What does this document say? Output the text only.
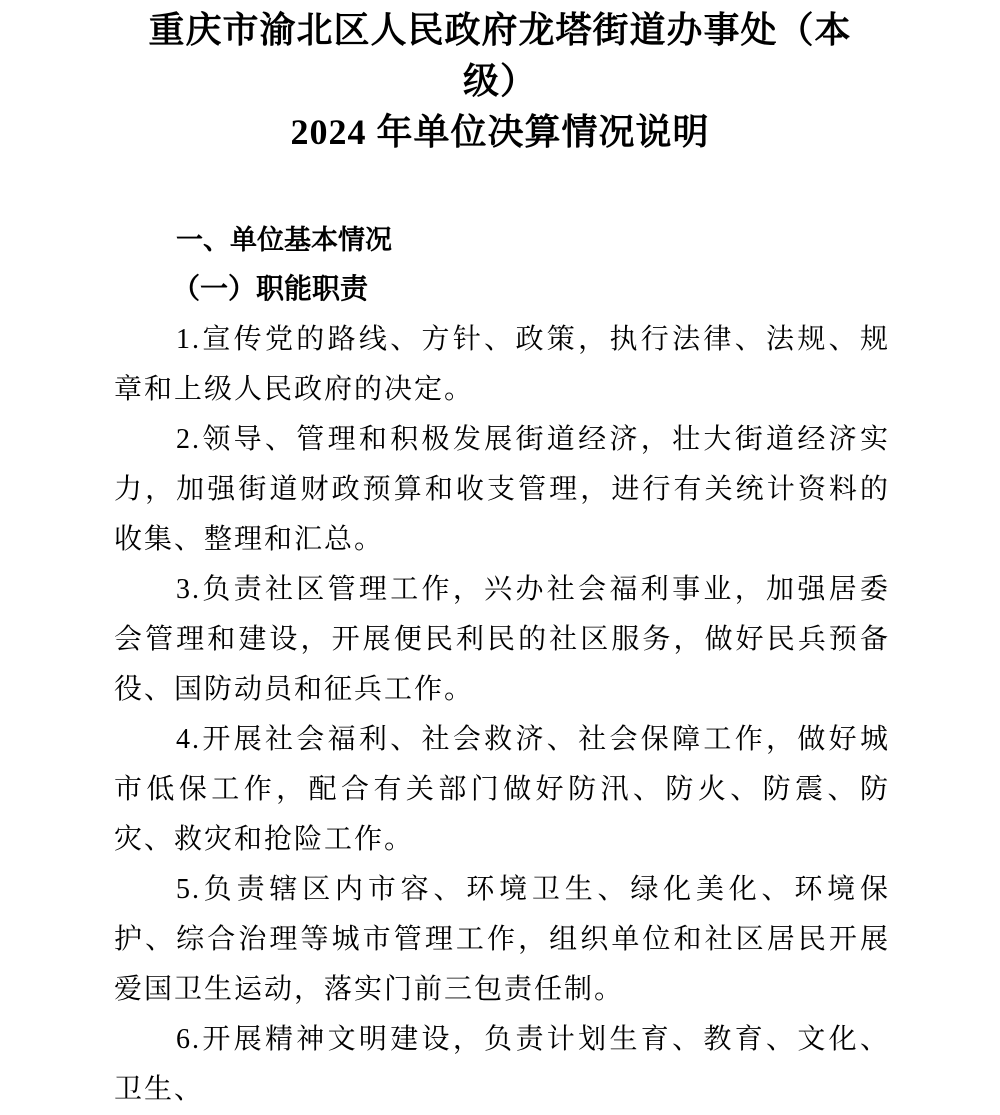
重庆市渝北区人民政府龙塔街道办事处（本
级）
2024 年单位决算情况说明
一、单位基本情况
（一）职能职责

1.宣传党的路线、方针、政策，执行法律、法规、规章和上级人民政府的决定。

2.领导、管理和积极发展街道经济，壮大街道经济实力，加强街道财政预算和收支管理，进行有关统计资料的收集、整理和汇总。

3.负责社区管理工作，兴办社会福利事业，加强居委会管理和建设，开展便民利民的社区服务，做好民兵预备役、国防动员和征兵工作。

4.开展社会福利、社会救济、社会保障工作，做好城市低保工作，配合有关部门做好防汛、防火、防震、防灾、救灾和抢险工作。

5.负责辖区内市容、环境卫生、绿化美化、环境保护、综合治理等城市管理工作，组织单位和社区居民开展爱国卫生运动，落实门前三包责任制。

6.开展精神文明建设，负责计划生育、教育、文化、卫生、
